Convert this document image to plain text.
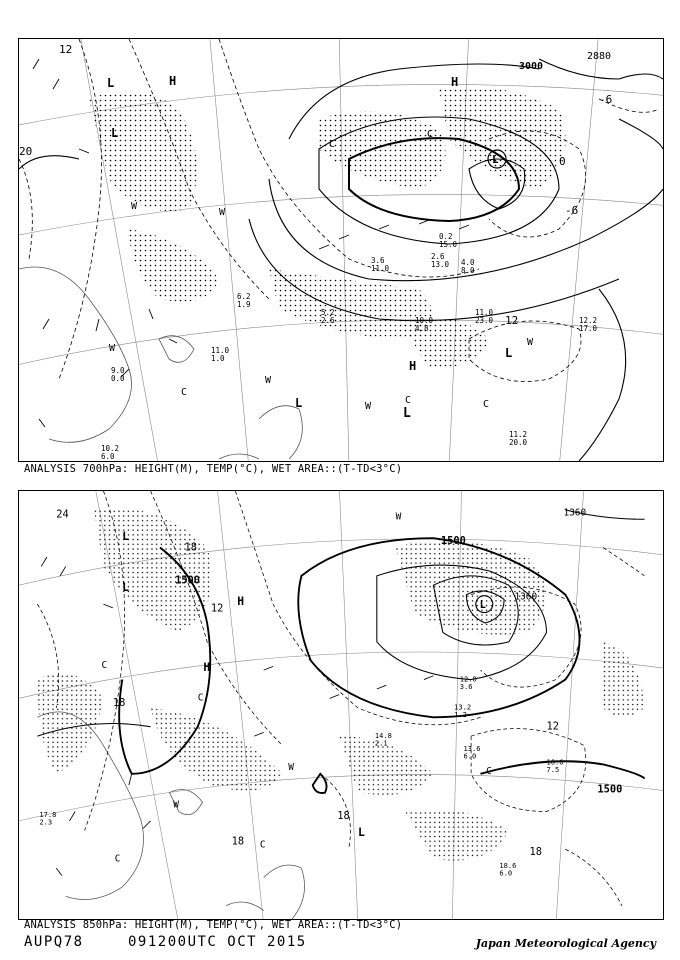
3000
2880
12
-6
0
20
12
-6
H
L
L
H
L
H
L
L
L
C
W
W
C
W
W
C	C
C
W
W
11.0
23.0	12.2
17.0
10.2
6.0
11.2
20.0
10.0
4.8
9.0
0.0
11.0
1.0
6.2
1.9
5.2
2.6
4.0
8.0
2.6
13.0
3.6
11.0
0.2
15.0
ANALYSIS 700hPa: HEIGHT(M), TEMP(°C), WET AREA::(T-TD<3°C)
1500
1500
1360
1360
1500
24
18
18
12
18
12
18
18
L
L
H
H
L
L
C
C
W
C
C
W
C
W
18.6
6.0
13.6
6.0
16.6
7.5
14.8
2.1
13.2
1.2
12.0
3.6
17.8
2.3
ANALYSIS 850hPa: HEIGHT(M), TEMP(°C), WET AREA::(T-TD<3°C)
AUPQ78	091200UTC OCT 2015	Japan Meteorological Agency
